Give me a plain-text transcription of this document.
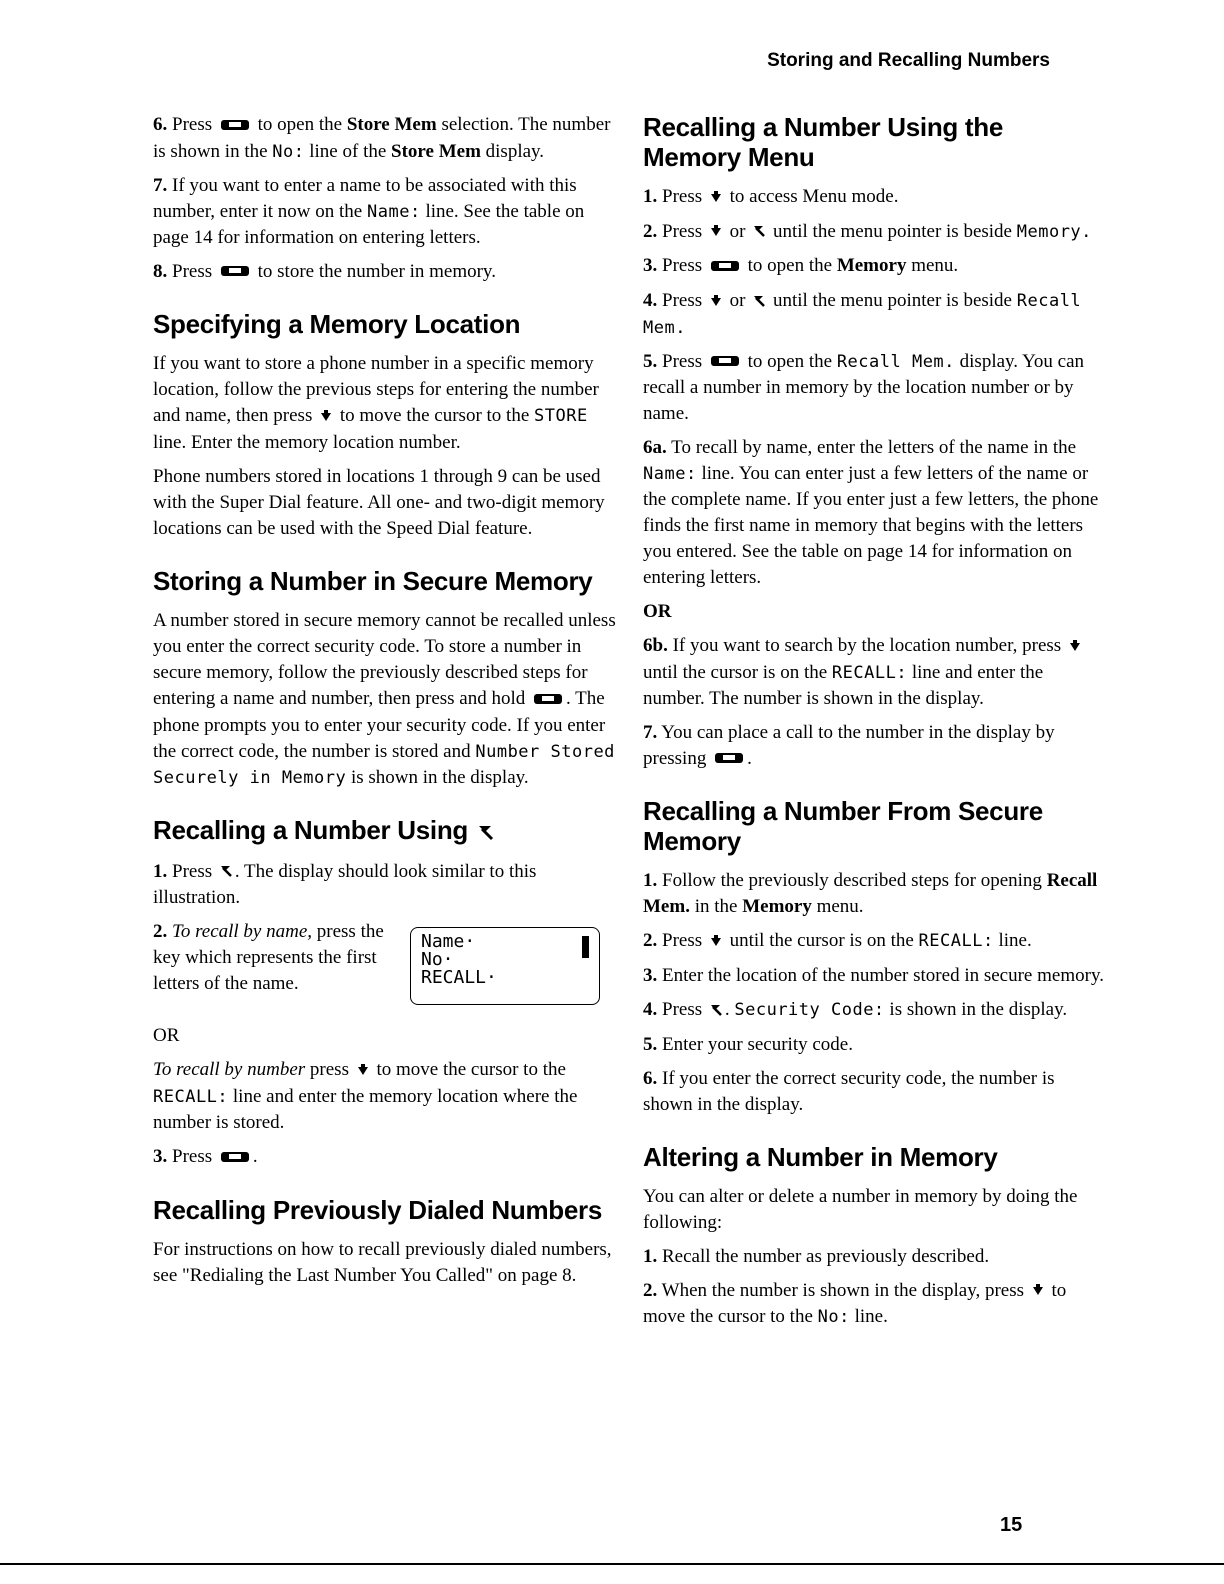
Storing and Recalling Numbers

6. Press to open the Store Mem selection. The number is shown in the No: line of the Store Mem display.

7. If you want to enter a name to be associated with this number, enter it now on the Name: line. See the table on page 14 for information on entering letters.

8. Press to store the number in memory.

Specifying a Memory Location

If you want to store a phone number in a specific memory location, follow the previous steps for entering the number and name, then press to move the cursor to the STORE line. Enter the memory location number.

Phone numbers stored in locations 1 through 9 can be used with the Super Dial feature. All one- and two-digit memory locations can be used with the Speed Dial feature.

Storing a Number in Secure Memory

A number stored in secure memory cannot be recalled unless you enter the correct security code. To store a number in secure memory, follow the previously described steps for entering a name and number, then press and hold . The phone prompts you to enter your security code. If you enter the correct code, the number is stored and Number Stored Securely in Memory is shown in the display.

Recalling a Number Using

1. Press . The display should look similar to this illustration.

2. To recall by name, press the key which represents the first letters of the name.

Name·
No·
RECALL·

OR

To recall by number press to move the cursor to the RECALL: line and enter the memory location where the number is stored.

3. Press .

Recalling Previously Dialed Numbers

For instructions on how to recall previously dialed numbers, see "Redialing the Last Number You Called" on page 8.

Recalling a Number Using the Memory Menu

1. Press to access Menu mode.

2. Press or until the menu pointer is beside Memory.

3. Press to open the Memory menu.

4. Press or until the menu pointer is beside Recall Mem.

5. Press to open the Recall Mem. display. You can recall a number in memory by the location number or by name.

6a. To recall by name, enter the letters of the name in the Name: line. You can enter just a few letters of the name or the complete name. If you enter just a few letters, the phone finds the first name in memory that begins with the letters you entered. See the table on page 14 for information on entering letters.

OR

6b. If you want to search by the location number, press  until the cursor is on the RECALL: line and enter the number. The number is shown in the display.

7. You can place a call to the number in the display by pressing .

Recalling a Number From Secure Memory

1. Follow the previously described steps for opening Recall Mem. in the Memory menu.

2. Press until the cursor is on the RECALL: line.

3. Enter the location of the number stored in secure memory.

4. Press . Security Code: is shown in the display.

5. Enter your security code.

6. If you enter the correct security code, the number is shown in the display.

Altering a Number in Memory

You can alter or delete a number in memory by doing the following:

1. Recall the number as previously described.

2. When the number is shown in the display, press to move the cursor to the No: line.

15
